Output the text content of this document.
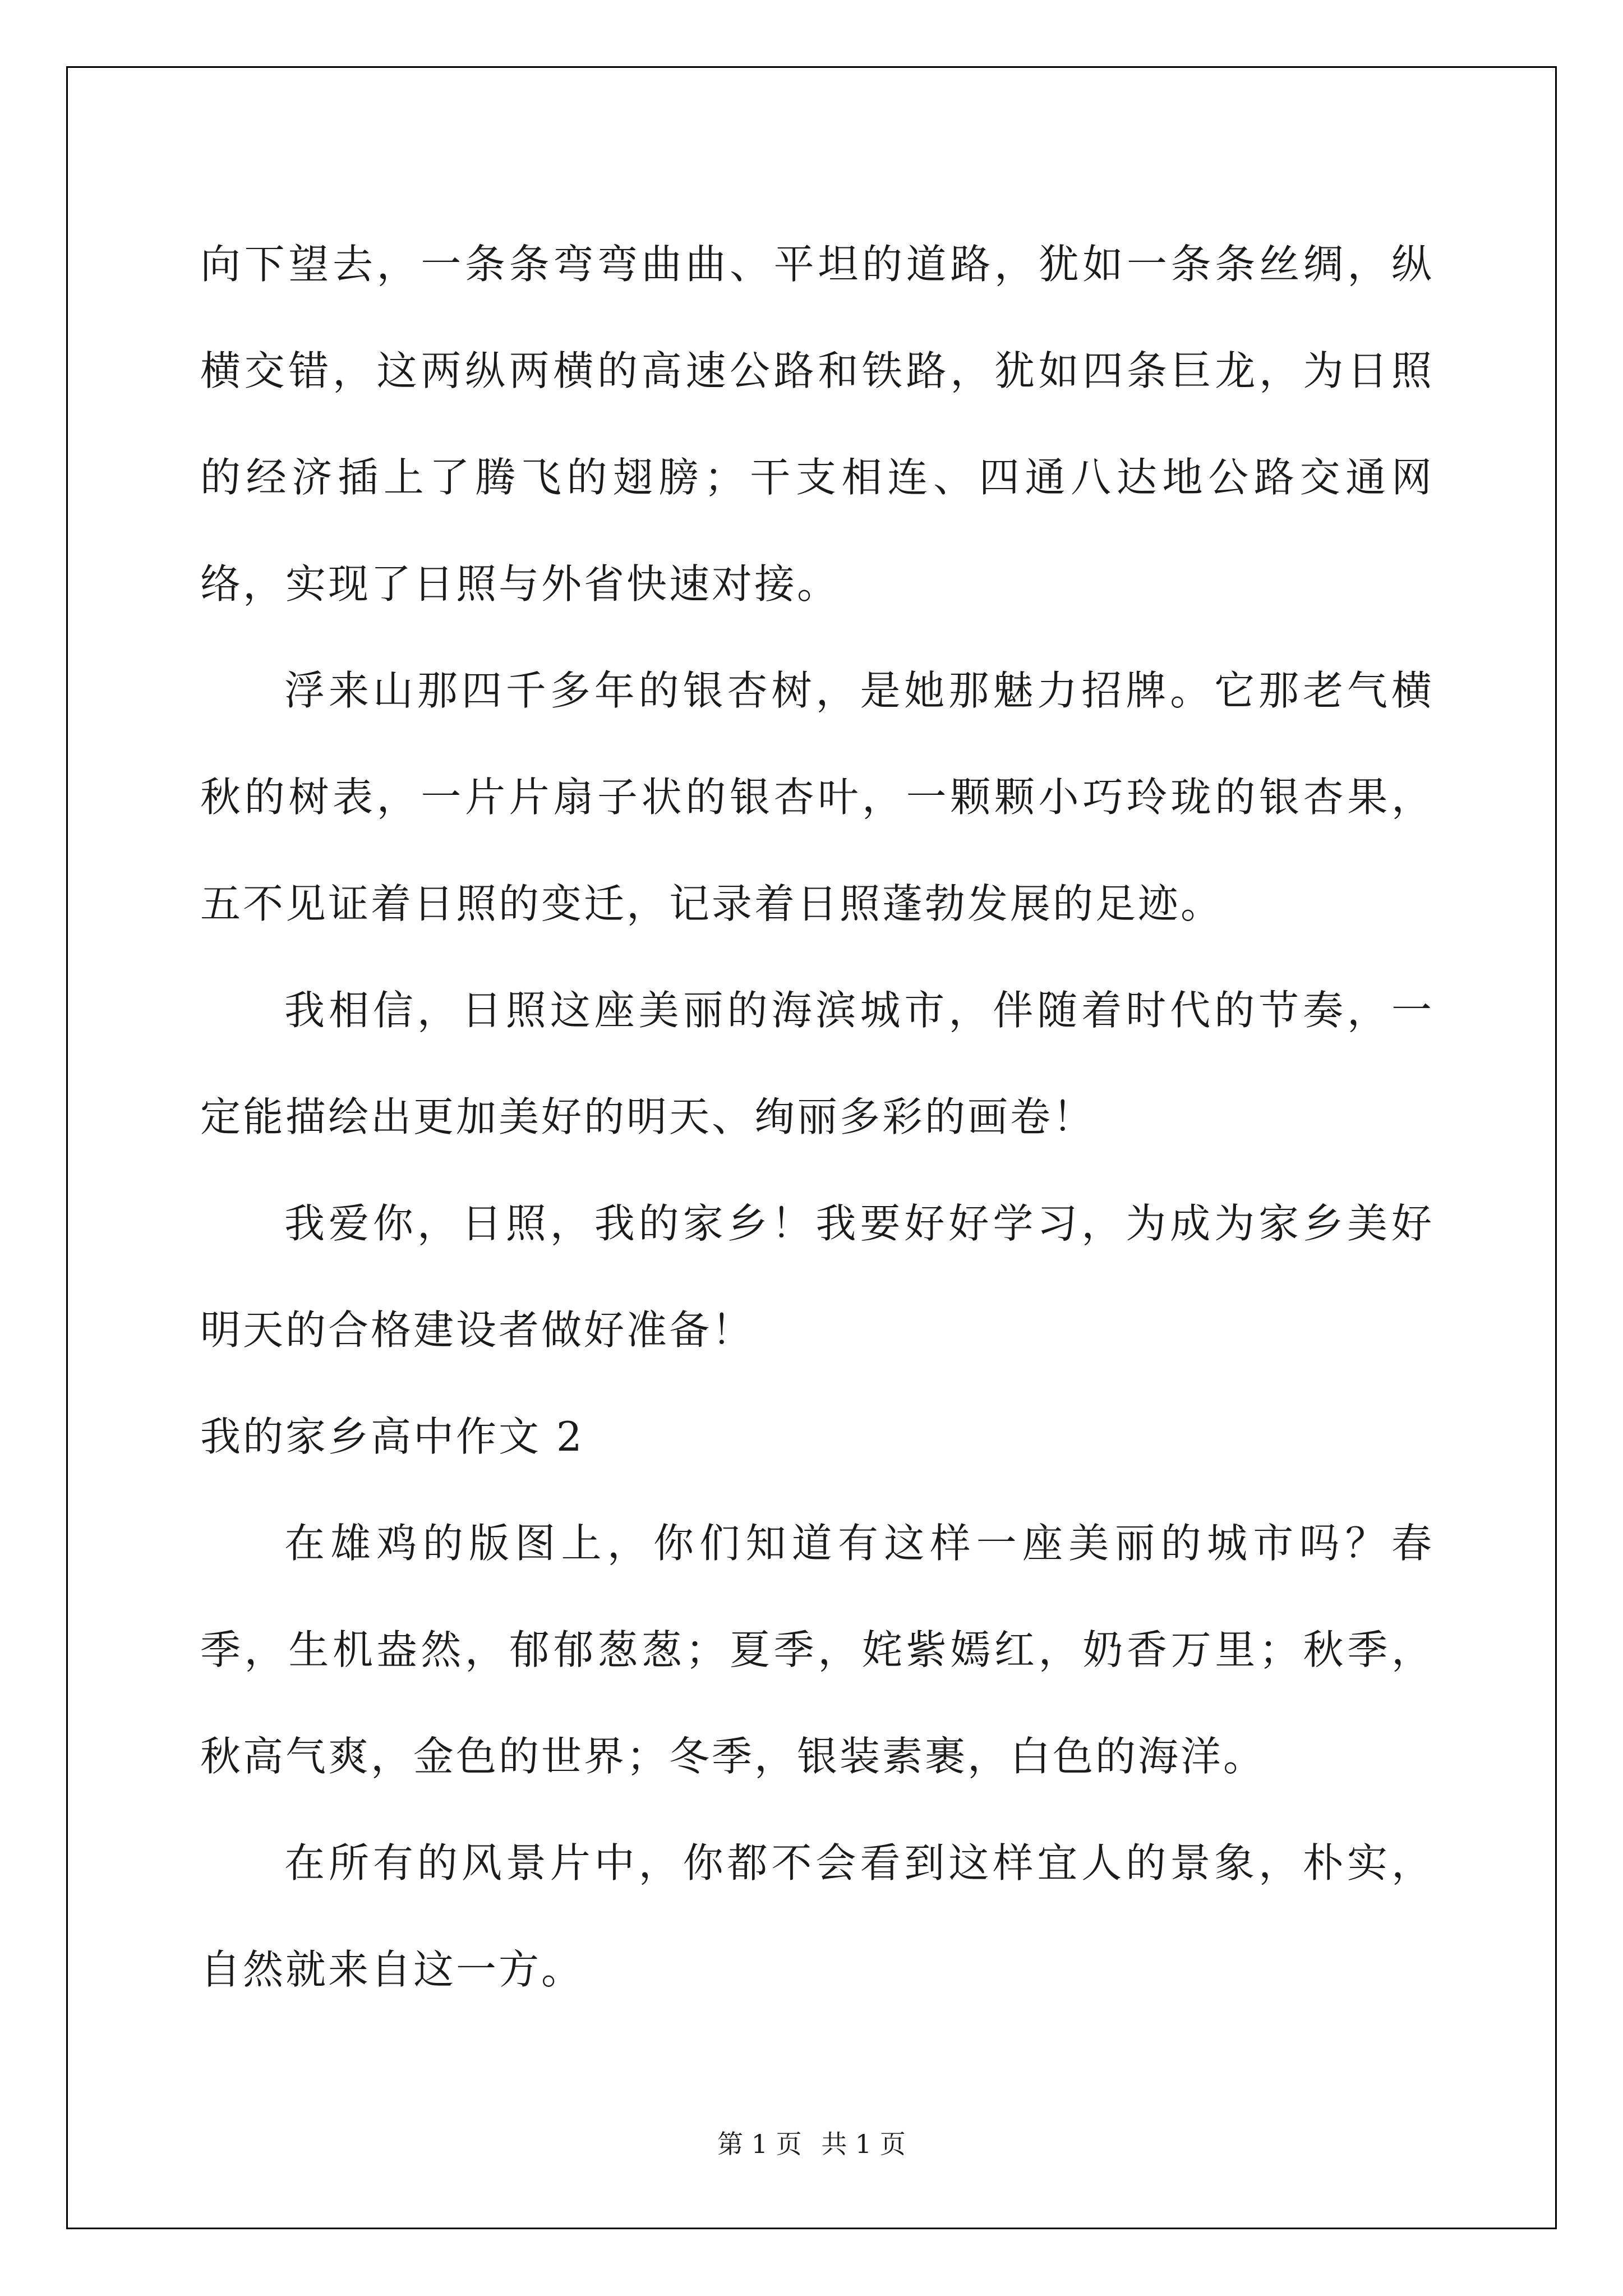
向下望去，一条条弯弯曲曲、平坦的道路，犹如一条条丝绸，纵横交错，这两纵两横的高速公路和铁路，犹如四条巨龙，为日照的经济插上了腾飞的翅膀；干支相连、四通八达地公路交通网络，实现了日照与外省快速对接。

浮来山那四千多年的银杏树，是她那魅力招牌。它那老气横秋的树表，一片片扇子状的银杏叶，一颗颗小巧玲珑的银杏果，五不见证着日照的变迁，记录着日照蓬勃发展的足迹。

我相信，日照这座美丽的海滨城市，伴随着时代的节奏，一定能描绘出更加美好的明天、绚丽多彩的画卷！

我爱你，日照，我的家乡！我要好好学习，为成为家乡美好明天的合格建设者做好准备！

我的家乡高中作文 2

在雄鸡的版图上，你们知道有这样一座美丽的城市吗？春季，生机盎然，郁郁葱葱；夏季，姹紫嫣红，奶香万里；秋季，秋高气爽，金色的世界；冬季，银装素裹，白色的海洋。

在所有的风景片中，你都不会看到这样宜人的景象，朴实，自然就来自这一方。

第 1 页 共 1 页
